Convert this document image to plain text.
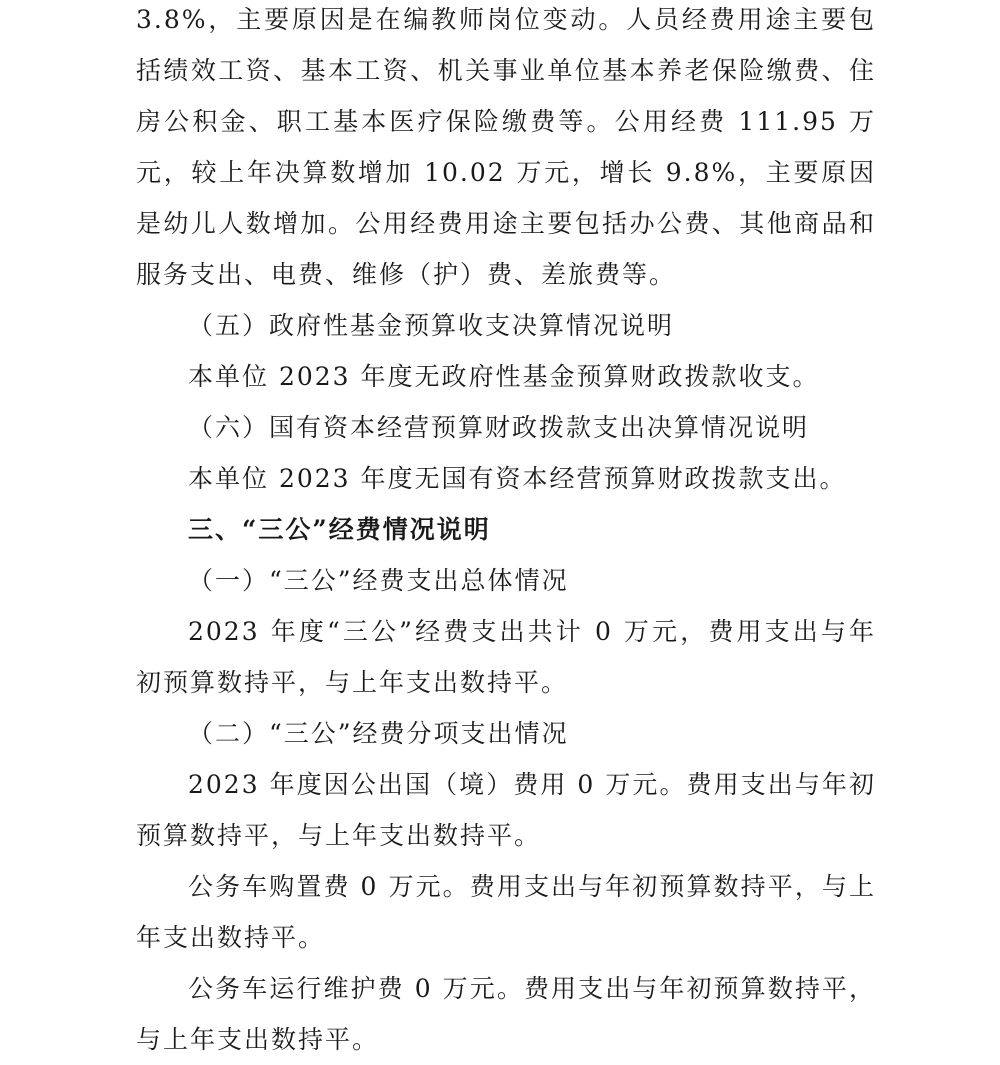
3.8%，主要原因是在编教师岗位变动。人员经费用途主要包括绩效工资、基本工资、机关事业单位基本养老保险缴费、住房公积金、职工基本医疗保险缴费等。公用经费 111.95 万元，较上年决算数增加 10.02 万元，增长 9.8%，主要原因是幼儿人数增加。公用经费用途主要包括办公费、其他商品和服务支出、电费、维修（护）费、差旅费等。

（五）政府性基金预算收支决算情况说明

本单位 2023 年度无政府性基金预算财政拨款收支。

（六）国有资本经营预算财政拨款支出决算情况说明

本单位 2023 年度无国有资本经营预算财政拨款支出。

三、“三公”经费情况说明

（一）“三公”经费支出总体情况

2023 年度“三公”经费支出共计 0 万元，费用支出与年初预算数持平，与上年支出数持平。

（二）“三公”经费分项支出情况

2023 年度因公出国（境）费用 0 万元。费用支出与年初预算数持平，与上年支出数持平。

公务车购置费 0 万元。费用支出与年初预算数持平，与上年支出数持平。

公务车运行维护费 0 万元。费用支出与年初预算数持平，与上年支出数持平。
